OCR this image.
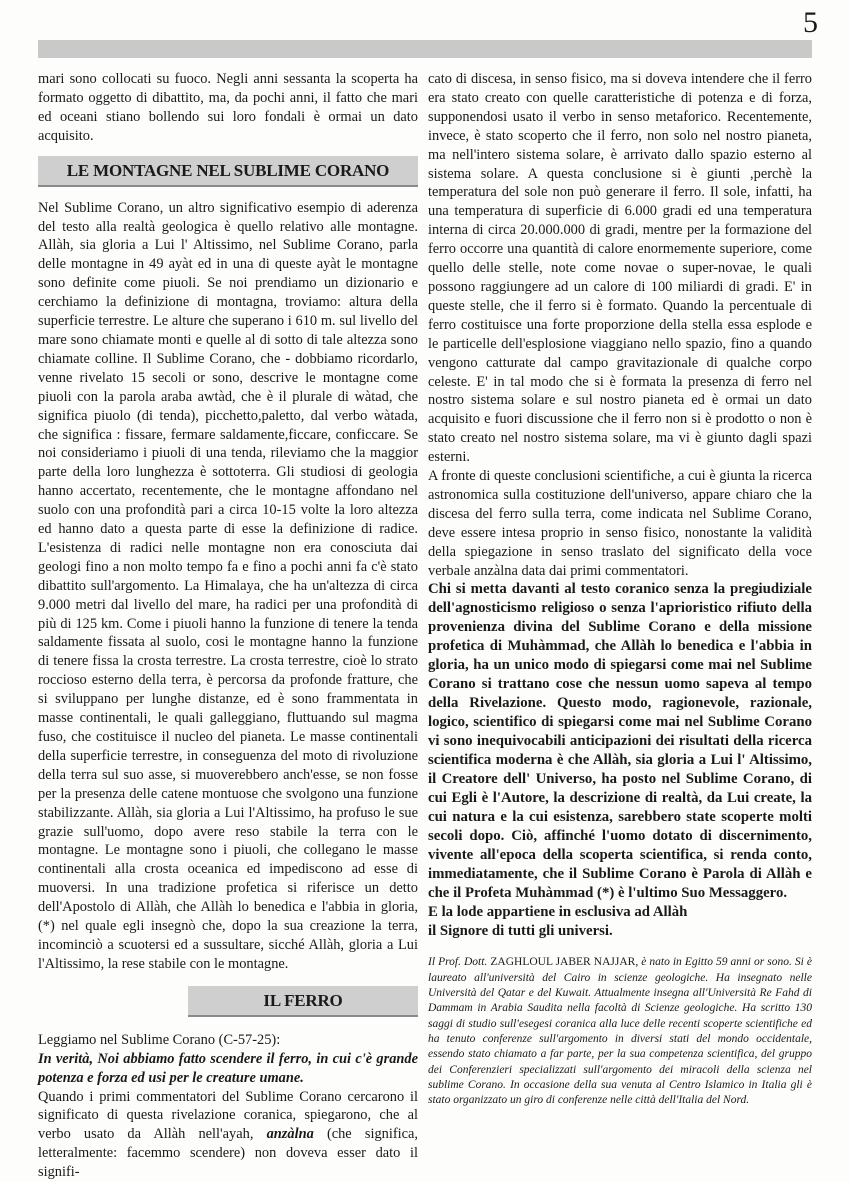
5

mari sono collocati su fuoco. Negli anni sessanta la scoperta ha formato oggetto di dibattito, ma, da pochi anni, il fatto che mari ed oceani stiano bollendo sui loro fondali è ormai un dato acquisito.

LE MONTAGNE NEL SUBLIME CORANO

Nel Sublime Corano, un altro significativo esempio di aderenza del testo alla realtà geologica è quello relativo alle montagne. Allàh, sia gloria a Lui l' Altissimo, nel Sublime Corano, parla delle montagne in 49 ayàt ed in una di queste ayàt le montagne sono definite come piuoli. Se noi prendiamo un dizionario e cerchiamo la definizione di montagna, troviamo: altura della superficie terrestre. Le alture che superano i 610 m. sul livello del mare sono chiamate monti e quelle al di sotto di tale altezza sono chiamate colline. Il Sublime Corano, che - dobbiamo ricordarlo, venne rivelato 15 secoli or sono, descrive le montagne come piuoli con la parola araba awtàd, che è il plurale di wàtad, che significa piuolo (di tenda), picchetto,paletto, dal verbo wàtada, che significa : fissare, fermare saldamente,ficcare, conficcare. Se noi consideriamo i piuoli di una tenda, rileviamo che la maggior parte della loro lunghezza è sottoterra. Gli studiosi di geologia hanno accertato, recentemente, che le montagne affondano nel suolo con una profondità pari a circa 10-15 volte la loro altezza ed hanno dato a questa parte di esse la definizione di radice. L'esistenza di radici nelle montagne non era conosciuta dai geologi fino a non molto tempo fa e fino a pochi anni fa c'è stato dibattito sull'argomento. La Himalaya, che ha un'altezza di circa 9.000 metri dal livello del mare, ha radici per una profondità di più di 125 km. Come i piuoli hanno la funzione di tenere la tenda saldamente fissata al suolo, cosi le montagne hanno la funzione di tenere fissa la crosta terrestre. La crosta terrestre, cioè lo strato roccioso esterno della terra, è percorsa da profonde fratture, che si sviluppano per lunghe distanze, ed è sono frammentata in masse continentali, le quali galleggiano, fluttuando sul magma fuso, che costituisce il nucleo del pianeta. Le masse continentali della superficie terrestre, in conseguenza del moto di rivoluzione della terra sul suo asse, si muoverebbero anch'esse, se non fosse per la presenza delle catene montuose che svolgono una funzione stabilizzante. Allàh, sia gloria a Lui l'Altissimo, ha profuso le sue grazie sull'uomo, dopo avere reso stabile la terra con le montagne. Le montagne sono i piuoli, che collegano le masse continentali alla crosta oceanica ed impediscono ad esse di muoversi. In una tradizione profetica si riferisce un detto dell'Apostolo di Allàh, che Allàh lo benedica e l'abbia in gloria,(*) nel quale egli insegnò che, dopo la sua creazione la terra, incominciò a scuotersi ed a sussultare, sicché Allàh, gloria a Lui l'Altissimo, la rese stabile con le montagne.

IL FERRO

Leggiamo nel Sublime Corano (C-57-25):

In verità, Noi abbiamo fatto scendere il ferro, in cui c'è grande potenza e forza ed usi per le creature umane.

Quando i primi commentatori del Sublime Corano cercarono il significato di questa rivelazione coranica, spiegarono, che al verbo usato da Allàh nell'ayah, anzàlna (che significa, letteralmente: facemmo scendere) non doveva esser dato il signifi-

cato di discesa, in senso fisico, ma si doveva intendere che il ferro era stato creato con quelle caratteristiche di potenza e di forza, supponendosi usato il verbo in senso metaforico. Recentemente, invece, è stato scoperto che il ferro, non solo nel nostro pianeta, ma nell'intero sistema solare, è arrivato dallo spazio esterno al sistema solare. A questa conclusione si è giunti ,perchè la temperatura del sole non può generare il ferro. Il sole, infatti, ha una temperatura di superficie di 6.000 gradi ed una temperatura interna di circa 20.000.000 di gradi, mentre per la formazione del ferro occorre una quantità di calore enormemente superiore, come quello delle stelle, note come novae o super-novae, le quali possono raggiungere ad un calore di 100 miliardi di gradi. E' in queste stelle, che il ferro si è formato. Quando la percentuale di ferro costituisce una forte proporzione della stella essa esplode e le particelle dell'esplosione viaggiano nello spazio, fino a quando vengono catturate dal campo gravitazionale di qualche corpo celeste. E' in tal modo che si è formata la presenza di ferro nel nostro sistema solare e sul nostro pianeta ed è ormai un dato acquisito e fuori discussione che il ferro non si è prodotto o non è stato creato nel nostro sistema solare, ma vi è giunto dagli spazi esterni.

A fronte di queste conclusioni scientifiche, a cui è giunta la ricerca astronomica sulla costituzione dell'universo, appare chiaro che la discesa del ferro sulla terra, come indicata nel Sublime Corano, deve essere intesa proprio in senso fisico, nonostante la validità della spiegazione in senso traslato del significato della voce verbale anzàlna data dai primi commentatori.

Chi si metta davanti al testo coranico senza la pregiudiziale dell'agnosticismo religioso o senza l'aprioristico rifiuto della provenienza divina del Sublime Corano e della missione profetica di Muhàmmad, che Allàh lo benedica e l'abbia in gloria, ha un unico modo di spiegarsi come mai nel Sublime Corano si trattano cose che nessun uomo sapeva al tempo della Rivelazione. Questo modo, ragionevole, razionale, logico, scientifico di spiegarsi come mai nel Sublime Corano vi sono inequivocabili anticipazioni dei risultati della ricerca scientifica moderna è che Allàh, sia gloria a Lui l' Altissimo, il Creatore dell' Universo, ha posto nel Sublime Corano, di cui Egli è l'Autore, la descrizione di realtà, da Lui create, la cui natura e la cui esistenza, sarebbero state scoperte molti secoli dopo. Ciò, affinché l'uomo dotato di discernimento, vivente all'epoca della scoperta scientifica, si renda conto, immediatamente, che il Sublime Corano è Parola di Allàh e che il Profeta Muhàmmad (*) è l'ultimo Suo Messaggero.

E la lode appartiene in esclusiva ad Allàh

il Signore di tutti gli universi.

Il Prof. Dott. ZAGHLOUL JABER NAJJAR, è nato in Egitto 59 anni or sono. Si è laureato all'università del Cairo in scienze geologiche. Ha insegnato nelle Università del Qatar e del Kuwait. Attualmente insegna all'Università Re Fahd di Dammam in Arabia Saudita nella facoltà di Scienze geologiche. Ha scritto 130 saggi di studio sull'esegesi coranica alla luce delle recenti scoperte scientifiche ed ha tenuto conferenze sull'argomento in diversi stati del mondo occidentale, essendo stato chiamato a far parte, per la sua competenza scientifica, del gruppo dei Conferenzieri specializzati sull'argomento dei miracoli della scienza nel sublime Corano. In occasione della sua venuta al Centro Islamico in Italia gli è stato organizzato un giro di conferenze nelle città dell'Italia del Nord.
